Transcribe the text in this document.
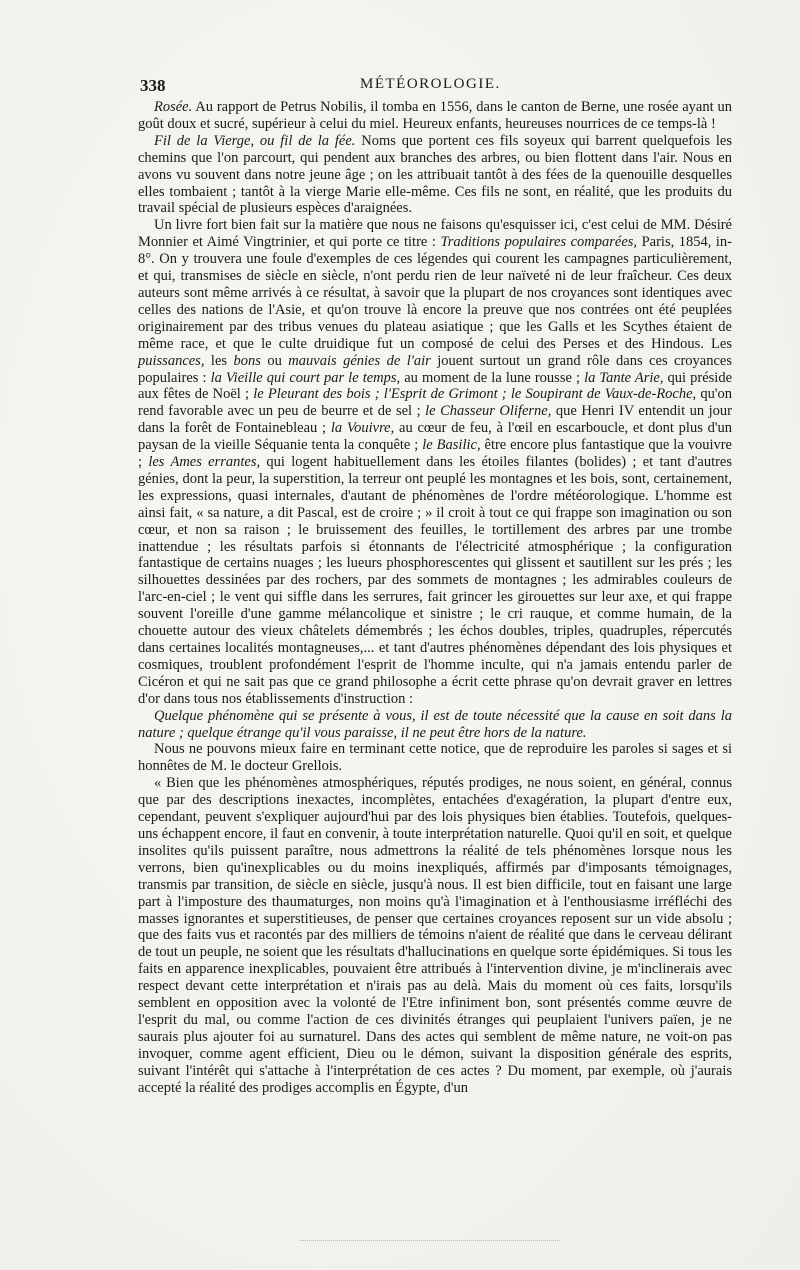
338	MÉTÉOROLOGIE.

Rosée. Au rapport de Petrus Nobilis, il tomba en 1556, dans le canton de Berne, une rosée ayant un goût doux et sucré, supérieur à celui du miel. Heureux enfants, heureuses nourrices de ce temps-là !

Fil de la Vierge, ou fil de la fée. Noms que portent ces fils soyeux qui barrent quelquefois les chemins que l'on parcourt, qui pendent aux branches des arbres, ou bien flottent dans l'air. Nous en avons vu souvent dans notre jeune âge ; on les attribuait tantôt à des fées de la quenouille desquelles elles tombaient ; tantôt à la vierge Marie elle-même. Ces fils ne sont, en réalité, que les produits du travail spécial de plusieurs espèces d'araignées.

Un livre fort bien fait sur la matière que nous ne faisons qu'esquisser ici, c'est celui de MM. Désiré Monnier et Aimé Vingtrinier, et qui porte ce titre : Traditions populaires comparées, Paris, 1854, in-8°. On y trouvera une foule d'exemples de ces légendes qui courent les campagnes particulièrement, et qui, transmises de siècle en siècle, n'ont perdu rien de leur naïveté ni de leur fraîcheur. Ces deux auteurs sont même arrivés à ce résultat, à savoir que la plupart de nos croyances sont identiques avec celles des nations de l'Asie, et qu'on trouve là encore la preuve que nos contrées ont été peuplées originairement par des tribus venues du plateau asiatique ; que les Galls et les Scythes étaient de même race, et que le culte druidique fut un composé de celui des Perses et des Hindous. Les puissances, les bons ou mauvais génies de l'air jouent surtout un grand rôle dans ces croyances populaires : la Vieille qui court par le temps, au moment de la lune rousse ; la Tante Arie, qui préside aux fêtes de Noël ; le Pleurant des bois ; l'Esprit de Grimont ; le Soupirant de Vaux-de-Roche, qu'on rend favorable avec un peu de beurre et de sel ; le Chasseur Oliferne, que Henri IV entendit un jour dans la forêt de Fontainebleau ; la Vouivre, au cœur de feu, à l'œil en escarboucle, et dont plus d'un paysan de la vieille Séquanie tenta la conquête ; le Basilic, être encore plus fantastique que la vouivre ; les Ames errantes, qui logent habituellement dans les étoiles filantes (bolides) ; et tant d'autres génies, dont la peur, la superstition, la terreur ont peuplé les montagnes et les bois, sont, certainement, les expressions, quasi internales, d'autant de phénomènes de l'ordre météorologique. L'homme est ainsi fait, « sa nature, a dit Pascal, est de croire ; » il croit à tout ce qui frappe son imagination ou son cœur, et non sa raison ; le bruissement des feuilles, le tortillement des arbres par une trombe inattendue ; les résultats parfois si étonnants de l'électricité atmosphérique ; la configuration fantastique de certains nuages ; les lueurs phosphorescentes qui glissent et sautillent sur les prés ; les silhouettes dessinées par des rochers, par des sommets de montagnes ; les admirables couleurs de l'arc-en-ciel ; le vent qui siffle dans les serrures, fait grincer les girouettes sur leur axe, et qui frappe souvent l'oreille d'une gamme mélancolique et sinistre ; le cri rauque, et comme humain, de la chouette autour des vieux châtelets démembrés ; les échos doubles, triples, quadruples, répercutés dans certaines localités montagneuses,... et tant d'autres phénomènes dépendant des lois physiques et cosmiques, troublent profondément l'esprit de l'homme inculte, qui n'a jamais entendu parler de Cicéron et qui ne sait pas que ce grand philosophe a écrit cette phrase qu'on devrait graver en lettres d'or dans tous nos établissements d'instruction :

Quelque phénomène qui se présente à vous, il est de toute nécessité que la cause en soit dans la nature ; quelque étrange qu'il vous paraisse, il ne peut être hors de la nature.

Nous ne pouvons mieux faire en terminant cette notice, que de reproduire les paroles si sages et si honnêtes de M. le docteur Grellois.

« Bien que les phénomènes atmosphériques, réputés prodiges, ne nous soient, en général, connus que par des descriptions inexactes, incomplètes, entachées d'exagération, la plupart d'entre eux, cependant, peuvent s'expliquer aujourd'hui par des lois physiques bien établies. Toutefois, quelques-uns échappent encore, il faut en convenir, à toute interprétation naturelle. Quoi qu'il en soit, et quelque insolites qu'ils puissent paraître, nous admettrons la réalité de tels phénomènes lorsque nous les verrons, bien qu'inexplicables ou du moins inexpliqués, affirmés par d'imposants témoignages, transmis par transition, de siècle en siècle, jusqu'à nous. Il est bien difficile, tout en faisant une large part à l'imposture des thaumaturges, non moins qu'à l'imagination et à l'enthousiasme irréfléchi des masses ignorantes et superstitieuses, de penser que certaines croyances reposent sur un vide absolu ; que des faits vus et racontés par des milliers de témoins n'aient de réalité que dans le cerveau délirant de tout un peuple, ne soient que les résultats d'hallucinations en quelque sorte épidémiques. Si tous les faits en apparence inexplicables, pouvaient être attribués à l'intervention divine, je m'inclinerais avec respect devant cette interprétation et n'irais pas au delà. Mais du moment où ces faits, lorsqu'ils semblent en opposition avec la volonté de l'Etre infiniment bon, sont présentés comme œuvre de l'esprit du mal, ou comme l'action de ces divinités étranges qui peuplaient l'univers païen, je ne saurais plus ajouter foi au surnaturel. Dans des actes qui semblent de même nature, ne voit-on pas invoquer, comme agent efficient, Dieu ou le démon, suivant la disposition générale des esprits, suivant l'intérêt qui s'attache à l'interprétation de ces actes ? Du moment, par exemple, où j'aurais accepté la réalité des prodiges accomplis en Égypte, d'un
